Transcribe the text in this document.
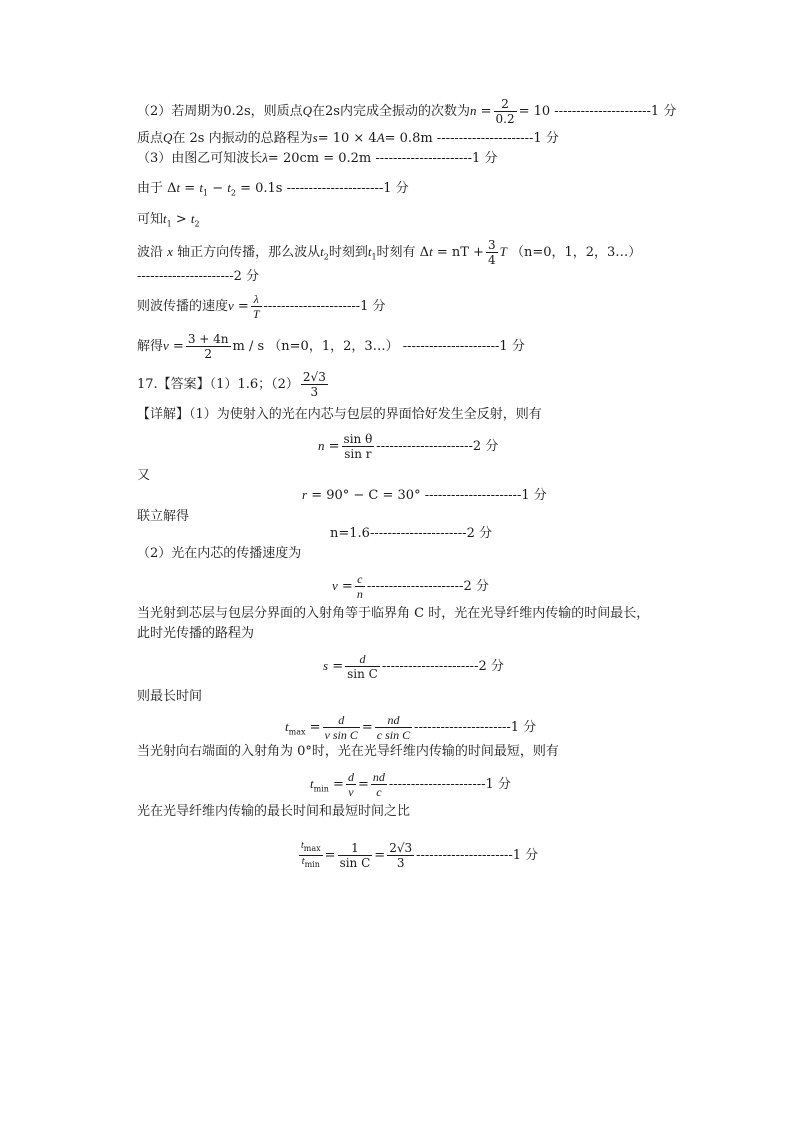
（2）若周期为0.2s，则质点Q在2s内完成全振动的次数为$n = \frac{2}{0.2} = 10$ ----------------------1 分
质点Q在 2s 内振动的总路程为s= 10 × 4A= 0.8m ----------------------1 分
（3）由图乙可知波长λ= 20cm = 0.2m ----------------------1 分
由于 $\Delta t = t_1 - t_2 = 0.1s$ ----------------------1 分
可知$t_1 > t_2$
波沿 x 轴正方向传播，那么波从$t_2$时刻到$t_1$时刻有 Δt = nT + $\frac{3}{4}$ T （n=0，1，2，3…）
----------------------2 分
则波传播的速度$v = \frac{\lambda}{T} ----------------------1$ 分
解得$v = \frac{3 + 4n}{2}$ m / s （n=0，1，2，3…） ----------------------1 分
17.【答案】（1）1.6；$(2) \frac{2√3}{3}$
【详解】（1）为使射入的光在内芯与包层的界面恰好发生全反射，则有
$n = \frac{\text{sin θ}}{\text{sin r}} ----------------------2$ 分
又
r = 90° − C = 30° ----------------------1 分
联立解得
n=1.6----------------------2 分
（2）光在内芯的传播速度为
$v = \frac{c}{n} ----------------------2$ 分
当光射到芯层与包层分界面的入射角等于临界角 C 时，光在光导纤维内传输的时间最长，
此时光传播的路程为
$s = \frac{d}{\text{sin C}} ----------------------2$ 分
则最长时间
$t_{max} = \frac{d}{\text{v sin C}} = \frac{nd}{\text{c sin C}} ----------------------1$ 分
当光射向右端面的入射角为 0°时，光在光导纤维内传输的时间最短，则有
$t_{min} = \frac{d}{v} = \frac{nd}{c} ----------------------1$ 分
光在光导纤维内传输的最长时间和最短时间之比
$\frac{t_{max}}{t_{min}} = \frac{1}{\text{sin C}} = \frac{2√3}{3} ----------------------1$ 分
